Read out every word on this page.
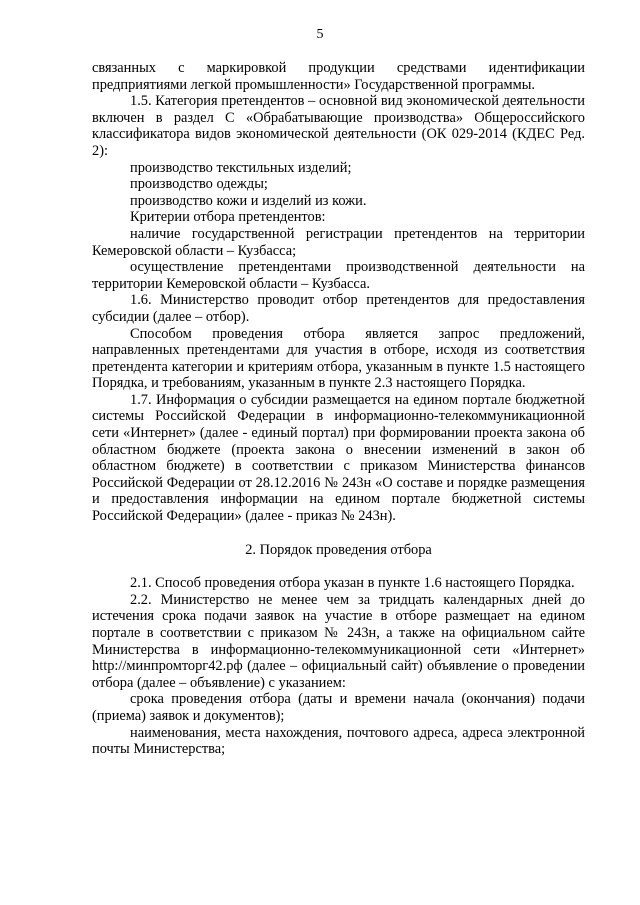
5

связанных с маркировкой продукции средствами идентификации предприятиями легкой промышленности» Государственной программы.

1.5. Категория претендентов – основной вид экономической деятельности включен в раздел С «Обрабатывающие производства» Общероссийского классификатора видов экономической деятельности (ОК 029-2014 (КДЕС Ред. 2):

производство текстильных изделий;

производство одежды;

производство кожи и изделий из кожи.

Критерии отбора претендентов:

наличие государственной регистрации претендентов на территории Кемеровской области – Кузбасса;

осуществление претендентами производственной деятельности на территории Кемеровской области – Кузбасса.

1.6. Министерство проводит отбор претендентов для предоставления субсидии (далее – отбор).

Способом проведения отбора является запрос предложений, направленных претендентами для участия в отборе, исходя из соответствия претендента категории и критериям отбора, указанным в пункте 1.5 настоящего Порядка, и требованиям, указанным в пункте 2.3 настоящего Порядка.

1.7. Информация о субсидии размещается на едином портале бюджетной системы Российской Федерации в информационно-телекоммуникационной сети «Интернет» (далее - единый портал) при формировании проекта закона об областном бюджете (проекта закона о внесении изменений в закон об областном бюджете) в соответствии с приказом Министерства финансов Российской Федерации от 28.12.2016 № 243н «О составе и порядке размещения и предоставления информации на едином портале бюджетной системы Российской Федерации» (далее - приказ № 243н).

2. Порядок проведения отбора

2.1. Способ проведения отбора указан в пункте 1.6 настоящего Порядка.

2.2. Министерство не менее чем за тридцать календарных дней до истечения срока подачи заявок на участие в отборе размещает на едином портале в соответствии с приказом № 243н, а также на официальном сайте Министерства в информационно-телекоммуникационной сети «Интернет» http://минпромторг42.рф (далее – официальный сайт) объявление о проведении отбора (далее – объявление) с указанием:

срока проведения отбора (даты и времени начала (окончания) подачи (приема) заявок и документов);

наименования, места нахождения, почтового адреса, адреса электронной почты Министерства;
